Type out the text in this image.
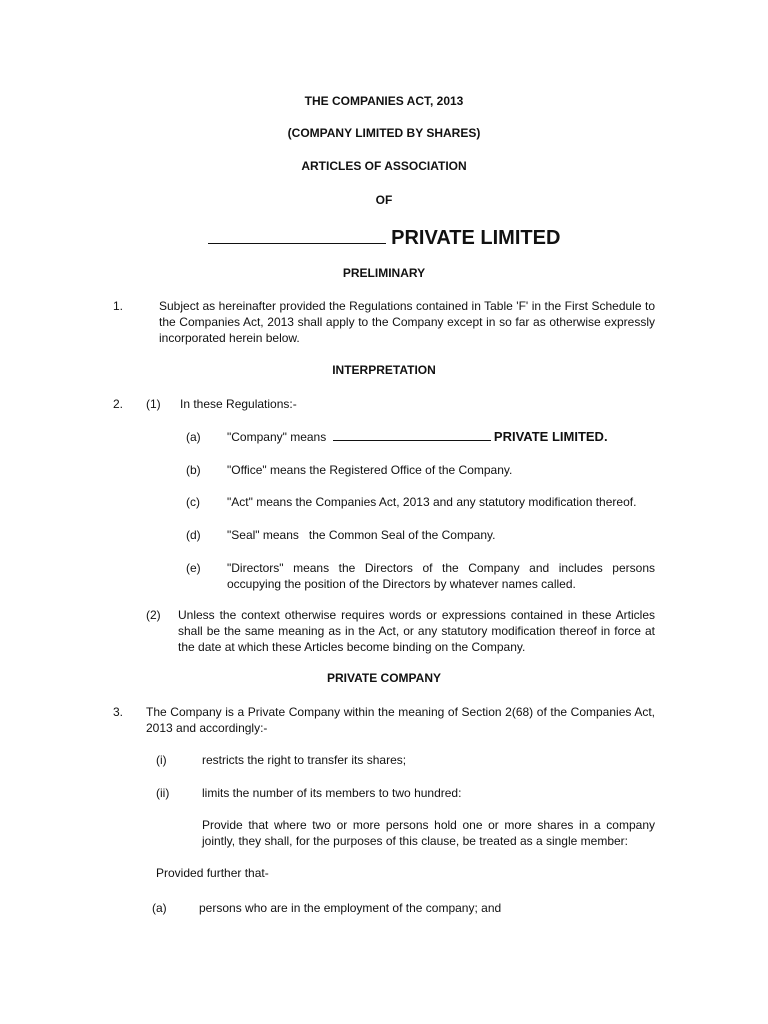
THE COMPANIES ACT, 2013
(COMPANY LIMITED BY SHARES)
ARTICLES OF ASSOCIATION
OF
PRIVATE LIMITED
PRELIMINARY
1.	Subject as hereinafter provided the Regulations contained in Table 'F' in the First Schedule to the Companies Act, 2013 shall apply to the Company except in so far as otherwise expressly incorporated herein below.
INTERPRETATION
2. (1) In these Regulations:-
(a) "Company" means	PRIVATE LIMITED.
(b) "Office" means the Registered Office of the Company.
(c) "Act" means the Companies Act, 2013 and any statutory modification thereof.
(d) "Seal" means   the Common Seal of the Company.
(e) "Directors" means the Directors of the Company and includes persons occupying the position of the Directors by whatever names called.
(2) Unless the context otherwise requires words or expressions contained in these Articles shall be the same meaning as in the Act, or any statutory modification thereof in force at the date at which these Articles become binding on the Company.
PRIVATE COMPANY
3. The Company is a Private Company within the meaning of Section 2(68) of the Companies Act, 2013 and accordingly:-
(i)	restricts the right to transfer its shares;
(ii)	limits the number of its members to two hundred:
Provide that where two or more persons hold one or more shares in a company jointly, they shall, for the purposes of this clause, be treated as a single member:
Provided further that-
(a)	persons who are in the employment of the company; and
